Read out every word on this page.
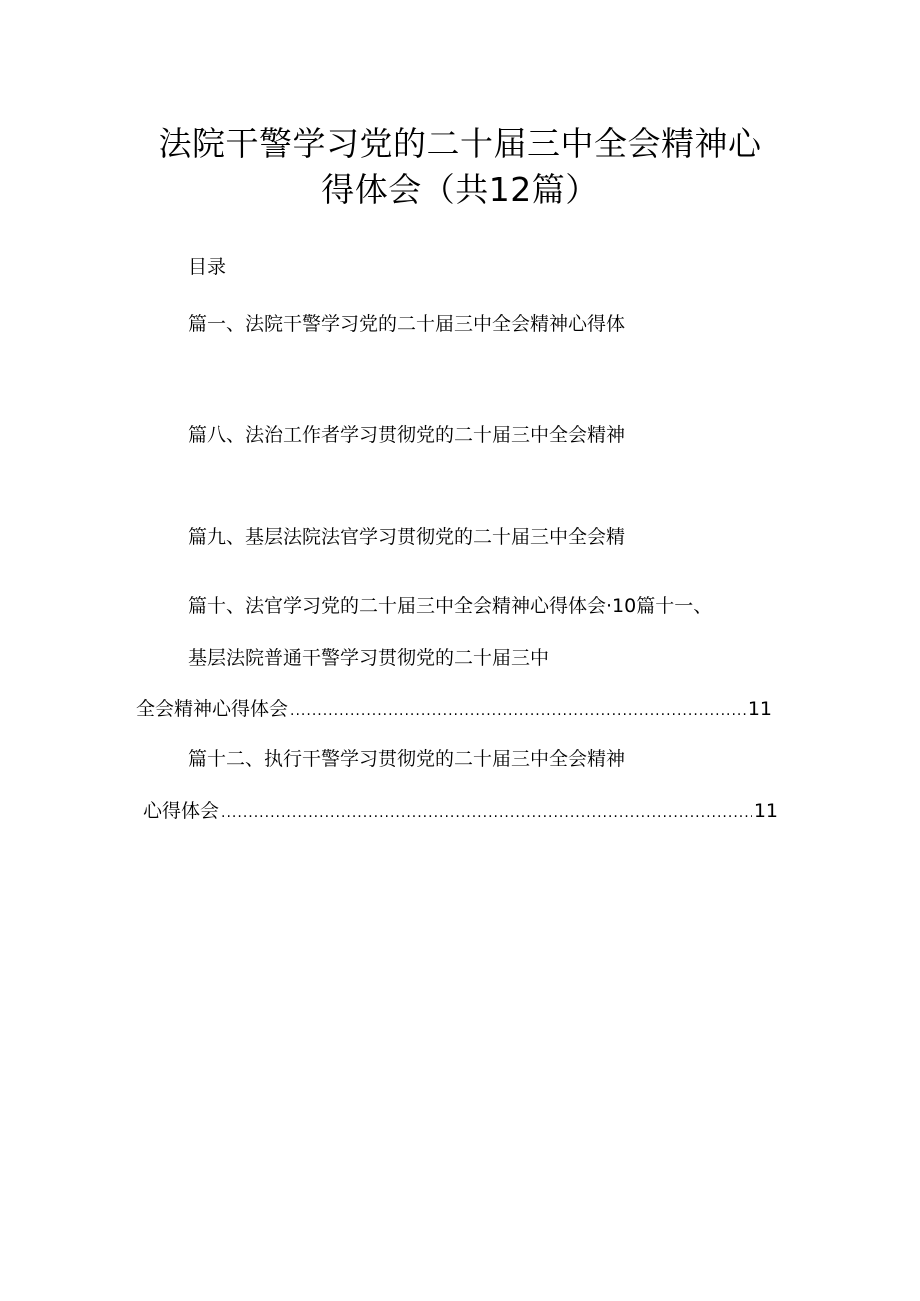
法院干警学习党的二十届三中全会精神心
得体会（共12篇）
目录
篇一、法院干警学习党的二十届三中全会精神心得体
篇八、法治工作者学习贯彻党的二十届三中全会精神
篇九、基层法院法官学习贯彻党的二十届三中全会精
篇十、法官学习党的二十届三中全会精神心得体会·10篇十一、
基层法院普通干警学习贯彻党的二十届三中
全会精神心得体会 .....	11
篇十二、执行干警学习贯彻党的二十届三中全会精神
心得体会 .....	11
